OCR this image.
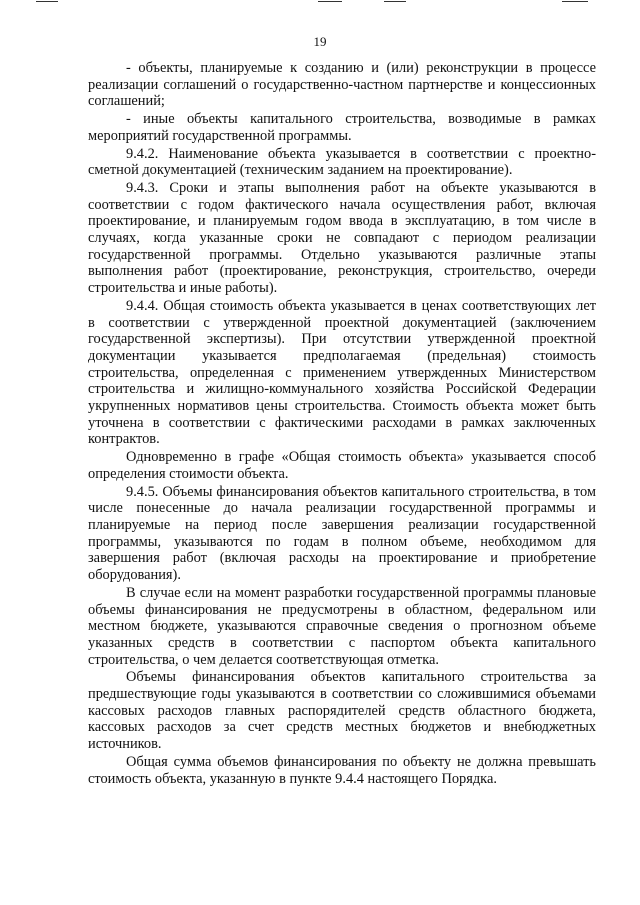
19

- объекты, планируемые к созданию и (или) реконструкции в процессе реализации соглашений о государственно-частном партнерстве и концессионных соглашений;

- иные объекты капитального строительства, возводимые в рамках мероприятий государственной программы.

9.4.2. Наименование объекта указывается в соответствии с проектно-сметной документацией (техническим заданием на проектирование).

9.4.3. Сроки и этапы выполнения работ на объекте указываются в соответствии с годом фактического начала осуществления работ, включая проектирование, и планируемым годом ввода в эксплуатацию, в том числе в случаях, когда указанные сроки не совпадают с периодом реализации государственной программы. Отдельно указываются различные этапы выполнения работ (проектирование, реконструкция, строительство, очереди строительства и иные работы).

9.4.4. Общая стоимость объекта указывается в ценах соответствующих лет в соответствии с утвержденной проектной документацией (заключением государственной экспертизы). При отсутствии утвержденной проектной документации указывается предполагаемая (предельная) стоимость строительства, определенная с применением утвержденных Министерством строительства и жилищно-коммунального хозяйства Российской Федерации укрупненных нормативов цены строительства. Стоимость объекта может быть уточнена в соответствии с фактическими расходами в рамках заключенных контрактов.

Одновременно в графе «Общая стоимость объекта» указывается способ определения стоимости объекта.

9.4.5. Объемы финансирования объектов капитального строительства, в том числе понесенные до начала реализации государственной программы и планируемые на период после завершения реализации государственной программы, указываются по годам в полном объеме, необходимом для завершения работ (включая расходы на проектирование и приобретение оборудования).

В случае если на момент разработки государственной программы плановые объемы финансирования не предусмотрены в областном, федеральном или местном бюджете, указываются справочные сведения о прогнозном объеме указанных средств в соответствии с паспортом объекта капитального строительства, о чем делается соответствующая отметка.

Объемы финансирования объектов капитального строительства за предшествующие годы указываются в соответствии со сложившимися объемами кассовых расходов главных распорядителей средств областного бюджета, кассовых расходов за счет средств местных бюджетов и внебюджетных источников.

Общая сумма объемов финансирования по объекту не должна превышать стоимость объекта, указанную в пункте 9.4.4 настоящего Порядка.
